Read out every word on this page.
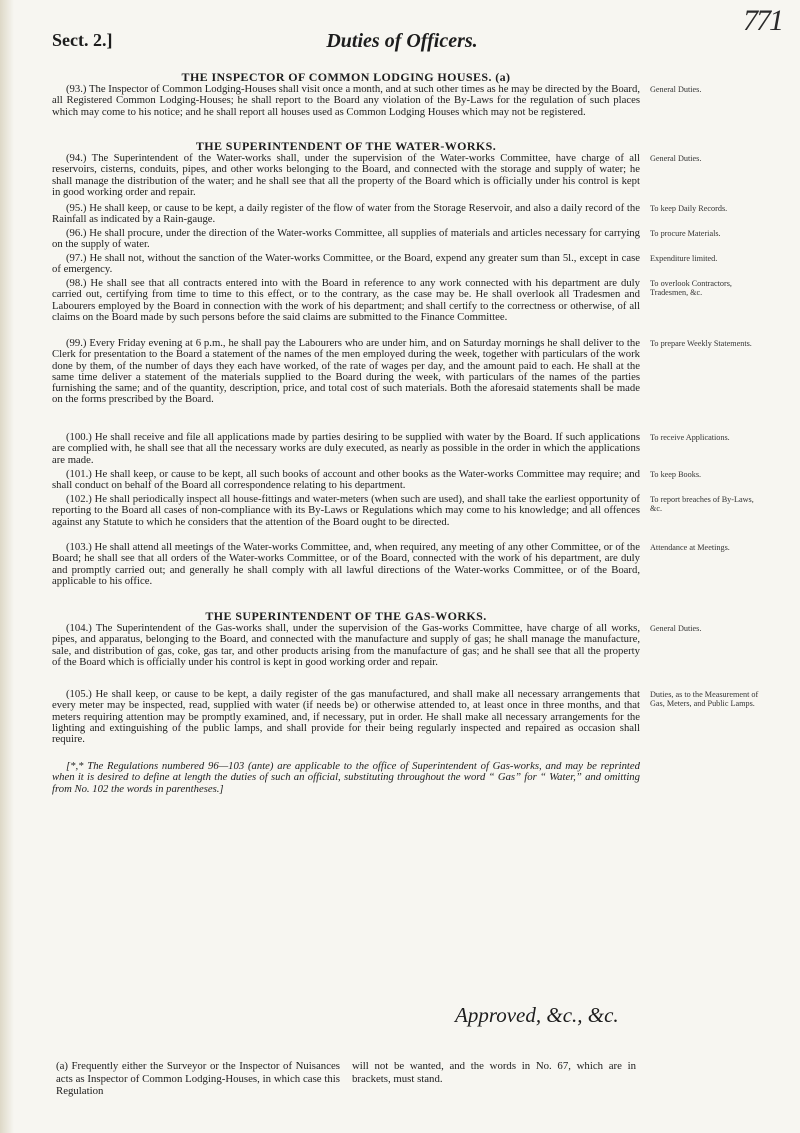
771
Sect. 2.]	Duties of Officers.
THE INSPECTOR OF COMMON LODGING HOUSES. (a)

(93.) The Inspector of Common Lodging-Houses shall visit once a month, and at such other times as he may be directed by the Board, all Registered Common Lodging-Houses; he shall report to the Board any violation of the By-Laws for the regulation of such places which may come to his notice; and he shall report all houses used as Common Lodging Houses which may not be registered.

General Duties.
THE SUPERINTENDENT OF THE WATER-WORKS.

(94.) The Superintendent of the Water-works shall, under the supervision of the Water-works Committee, have charge of all reservoirs, cisterns, conduits, pipes, and other works belonging to the Board, and connected with the storage and supply of water; he shall manage the distribution of the water; and he shall see that all the property of the Board which is officially under his control is kept in good working order and repair.

General Duties.

(95.) He shall keep, or cause to be kept, a daily register of the flow of water from the Storage Reservoir, and also a daily record of the Rainfall as indicated by a Rain-gauge.

To keep Daily Records.

(96.) He shall procure, under the direction of the Water-works Committee, all supplies of materials and articles necessary for carrying on the supply of water.

To procure Materials.

(97.) He shall not, without the sanction of the Water-works Committee, or the Board, expend any greater sum than 5l., except in case of emergency.

Expenditure limited.

(98.) He shall see that all contracts entered into with the Board in reference to any work connected with his department are duly carried out, certifying from time to time to this effect, or to the contrary, as the case may be. He shall overlook all Tradesmen and Labourers employed by the Board in connection with the work of his department; and shall certify to the correctness or otherwise, of all claims on the Board made by such persons before the said claims are submitted to the Finance Committee.

To overlook Contractors, Tradesmen, &c.

(99.) Every Friday evening at 6 p.m., he shall pay the Labourers who are under him, and on Saturday mornings he shall deliver to the Clerk for presentation to the Board a statement of the names of the men employed during the week, together with particulars of the work done by them, of the number of days they each have worked, of the rate of wages per day, and the amount paid to each. He shall at the same time deliver a statement of the materials supplied to the Board during the week, with particulars of the names of the parties furnishing the same; and of the quantity, description, price, and total cost of such materials. Both the aforesaid statements shall be made on the forms prescribed by the Board.

To prepare Weekly Statements.

(100.) He shall receive and file all applications made by parties desiring to be supplied with water by the Board. If such applications are complied with, he shall see that all the necessary works are duly executed, as nearly as possible in the order in which the applications are made.

To receive Applications.

(101.) He shall keep, or cause to be kept, all such books of account and other books as the Water-works Committee may require; and shall conduct on behalf of the Board all correspondence relating to his department.

To keep Books.

(102.) He shall periodically inspect all house-fittings and water-meters (when such are used), and shall take the earliest opportunity of reporting to the Board all cases of non-compliance with its By-Laws or Regulations which may come to his knowledge; and all offences against any Statute to which he considers that the attention of the Board ought to be directed.

To report breaches of By-Laws, &c.

(103.) He shall attend all meetings of the Water-works Committee, and, when required, any meeting of any other Committee, or of the Board; he shall see that all orders of the Water-works Committee, or of the Board, connected with the work of his department, are duly and promptly carried out; and generally he shall comply with all lawful directions of the Water-works Committee, or of the Board, applicable to his office.

Attendance at Meetings.
THE SUPERINTENDENT OF THE GAS-WORKS.

(104.) The Superintendent of the Gas-works shall, under the supervision of the Gas-works Committee, have charge of all works, pipes, and apparatus, belonging to the Board, and connected with the manufacture and supply of gas; he shall manage the manufacture, sale, and distribution of gas, coke, gas tar, and other products arising from the manufacture of gas; and he shall see that all the property of the Board which is officially under his control is kept in good working order and repair.

General Duties.

(105.) He shall keep, or cause to be kept, a daily register of the gas manufactured, and shall make all necessary arrangements that every meter may be inspected, read, supplied with water (if needs be) or otherwise attended to, at least once in three months, and that meters requiring attention may be promptly examined, and, if necessary, put in order. He shall make all necessary arrangements for the lighting and extinguishing of the public lamps, and shall provide for their being regularly inspected and repaired as occasion shall require.

Duties, as to the Measurement of Gas, Meters, and Public Lamps.

[*,* The Regulations numbered 96—103 (ante) are applicable to the office of Superintendent of Gas-works, and may be reprinted when it is desired to define at length the duties of such an official, substituting throughout the word “ Gas” for “ Water,” and omitting from No. 102 the words in parentheses.]

Approved, &c., &c.
(a) Frequently either the Surveyor or the Inspector of Nuisances acts as Inspector of Common Lodging-Houses, in which case this Regulation
will not be wanted, and the words in No. 67, which are in brackets, must stand.
